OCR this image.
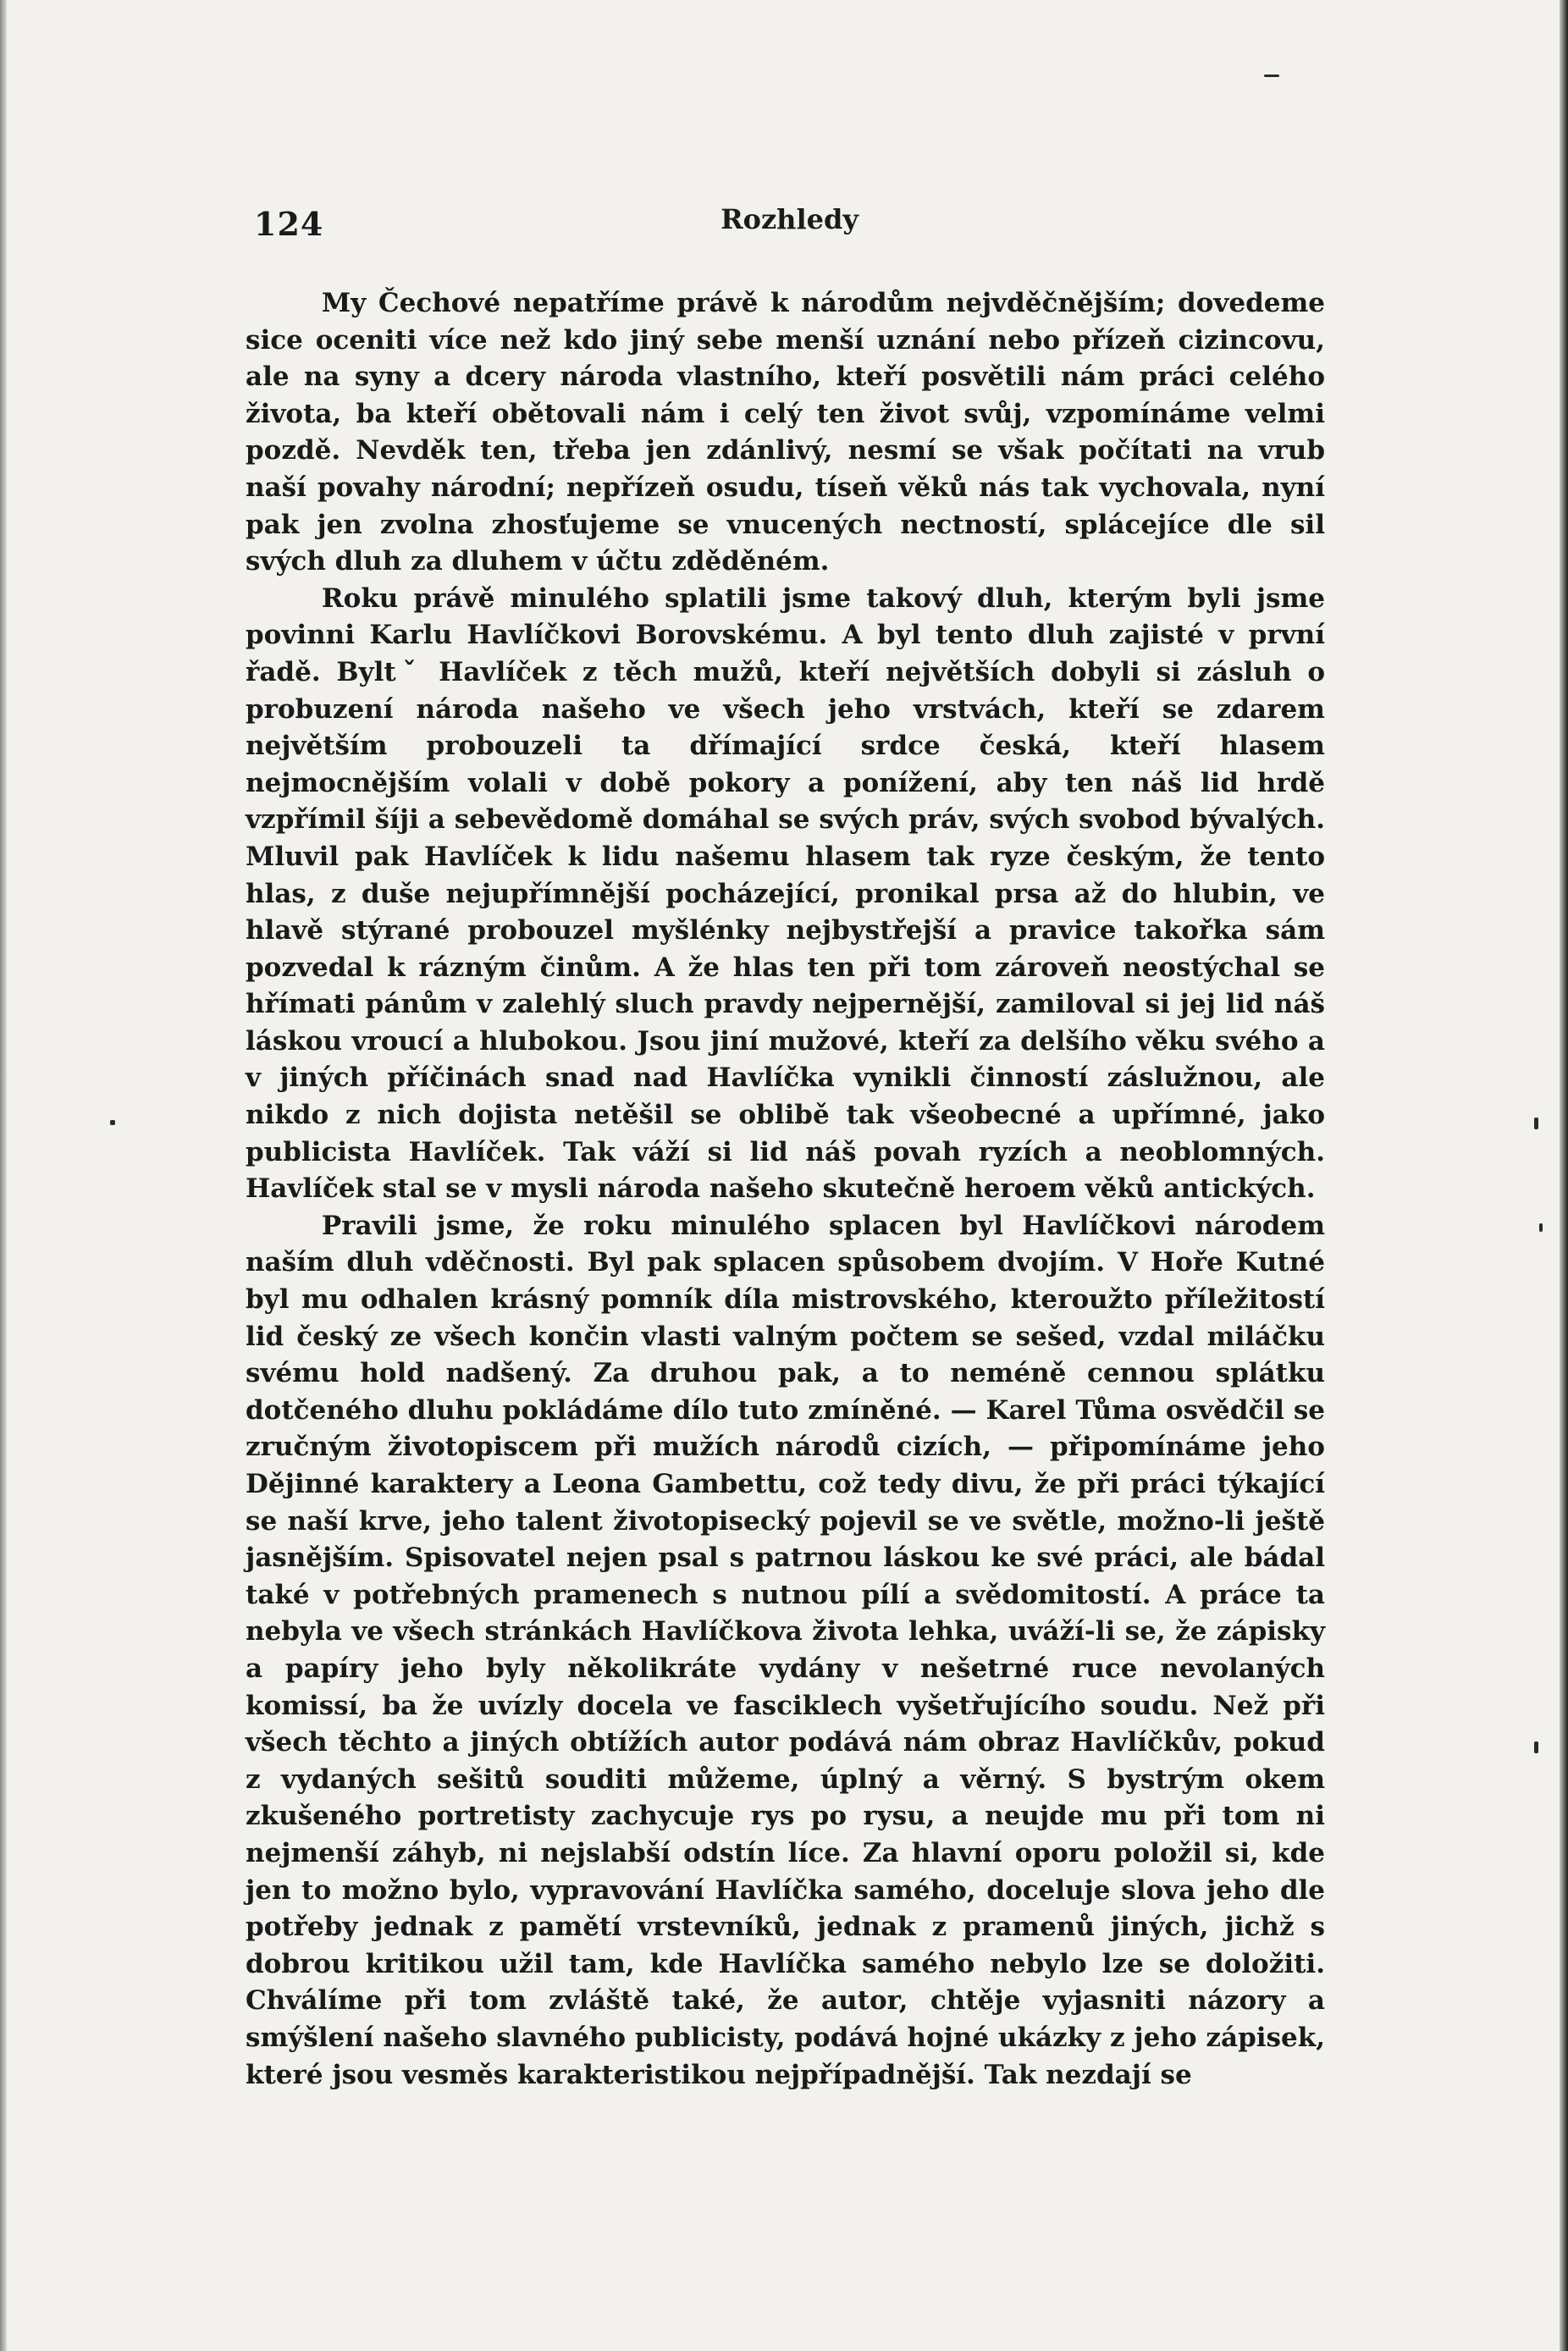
124	Rozhledy

My Čechové nepatříme právě k národům nejvděčnějším; dovedeme sice oceniti více než kdo jiný sebe menší uznání nebo přízeň cizincovu, ale na syny a dcery národa vlastního, kteří posvětili nám práci celého života, ba kteří obětovali nám i celý ten život svůj, vzpomínáme velmi pozdě. Nevděk ten, třeba jen zdánlivý, nesmí se však počítati na vrub naší povahy národní; nepřízeň osudu, tíseň věků nás tak vychovala, nyní pak jen zvolna zhosťujeme se vnucených nectností, splácejíce dle sil svých dluh za dluhem v účtu zděděném.

Roku právě minulého splatili jsme takový dluh, kterým byli jsme povinni Karlu Havlíčkovi Borovskému. A byl tento dluh zajisté v první řadě. Byltˇ Havlíček z těch mužů, kteří největších dobyli si zásluh o probuzení národa našeho ve všech jeho vrstvách, kteří se zdarem největším probouzeli ta dřímající srdce česká, kteří hlasem nejmocnějším volali v době pokory a ponížení, aby ten náš lid hrdě vzpřímil šíji a sebevědomě domáhal se svých práv, svých svobod bývalých. Mluvil pak Havlíček k lidu našemu hlasem tak ryze českým, že tento hlas, z duše nejupřímnější pocházející, pronikal prsa až do hlubin, ve hlavě stýrané probouzel myšlénky nejbystřejší a pravice takořka sám pozvedal k rázným činům. A že hlas ten při tom zároveň neostýchal se hřímati pánům v zalehlý sluch pravdy nejpernější, zamiloval si jej lid náš láskou vroucí a hlubokou. Jsou jiní mužové, kteří za delšího věku svého a v jiných příčinách snad nad Havlíčka vynikli činností záslužnou, ale nikdo z nich dojista netěšil se oblibě tak všeobecné a upřímné, jako publicista Havlíček. Tak váží si lid náš povah ryzích a neoblomných. Havlíček stal se v mysli národa našeho skutečně heroem věků antických.

Pravili jsme, že roku minulého splacen byl Havlíčkovi národem naším dluh vděčnosti. Byl pak splacen spůsobem dvojím. V Hoře Kutné byl mu odhalen krásný pomník díla mistrovského, kteroužto příležitostí lid český ze všech končin vlasti valným počtem se sešed, vzdal miláčku svému hold nadšený. Za druhou pak, a to neméně cennou splátku dotčeného dluhu pokládáme dílo tuto zmíněné. — Karel Tůma osvědčil se zručným životopiscem při mužích národů cizích, — připomínáme jeho Dějinné karaktery a Leona Gambettu, což tedy divu, že při práci týkající se naší krve, jeho talent životopisecký pojevil se ve světle, možno-li ještě jasnějším. Spisovatel nejen psal s patrnou láskou ke své práci, ale bádal také v potřebných pramenech s nutnou pílí a svědomitostí. A práce ta nebyla ve všech stránkách Havlíčkova života lehka, uváží-li se, že zápisky a papíry jeho byly několikráte vydány v nešetrné ruce nevolaných komissí, ba že uvízly docela ve fasciklech vyšetřujícího soudu. Než při všech těchto a jiných obtížích autor podává nám obraz Havlíčkův, pokud z vydaných sešitů souditi můžeme, úplný a věrný. S bystrým okem zkušeného portretisty zachycuje rys po rysu, a neujde mu při tom ni nejmenší záhyb, ni nejslabší odstín líce. Za hlavní oporu položil si, kde jen to možno bylo, vypravování Havlíčka samého, doceluje slova jeho dle potřeby jednak z pamětí vrstevníků, jednak z pramenů jiných, jichž s dobrou kritikou užil tam, kde Havlíčka samého nebylo lze se doložiti. Chválíme při tom zvláště také, že autor, chtěje vyjasniti názory a smýšlení našeho slavného publicisty, podává hojné ukázky z jeho zápisek, které jsou vesměs karakteristikou nejpřípadnější. Tak nezdají se
